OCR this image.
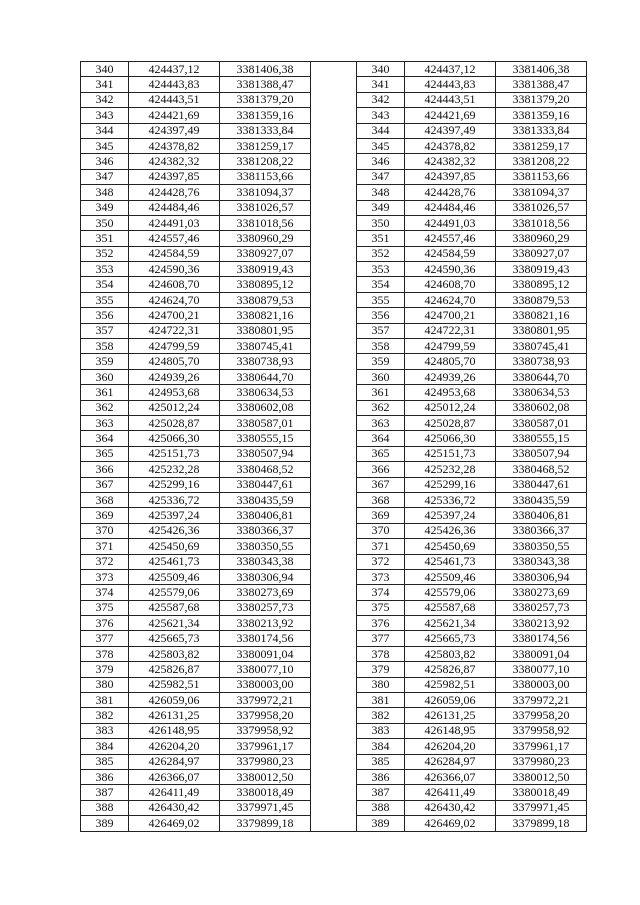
340	424437,12	3381406,38		340	424437,12	3381406,38
341	424443,83	3381388,47		341	424443,83	3381388,47
342	424443,51	3381379,20		342	424443,51	3381379,20
343	424421,69	3381359,16		343	424421,69	3381359,16
344	424397,49	3381333,84		344	424397,49	3381333,84
345	424378,82	3381259,17		345	424378,82	3381259,17
346	424382,32	3381208,22		346	424382,32	3381208,22
347	424397,85	3381153,66		347	424397,85	3381153,66
348	424428,76	3381094,37		348	424428,76	3381094,37
349	424484,46	3381026,57		349	424484,46	3381026,57
350	424491,03	3381018,56		350	424491,03	3381018,56
351	424557,46	3380960,29		351	424557,46	3380960,29
352	424584,59	3380927,07		352	424584,59	3380927,07
353	424590,36	3380919,43		353	424590,36	3380919,43
354	424608,70	3380895,12		354	424608,70	3380895,12
355	424624,70	3380879,53		355	424624,70	3380879,53
356	424700,21	3380821,16		356	424700,21	3380821,16
357	424722,31	3380801,95		357	424722,31	3380801,95
358	424799,59	3380745,41		358	424799,59	3380745,41
359	424805,70	3380738,93		359	424805,70	3380738,93
360	424939,26	3380644,70		360	424939,26	3380644,70
361	424953,68	3380634,53		361	424953,68	3380634,53
362	425012,24	3380602,08		362	425012,24	3380602,08
363	425028,87	3380587,01		363	425028,87	3380587,01
364	425066,30	3380555,15		364	425066,30	3380555,15
365	425151,73	3380507,94		365	425151,73	3380507,94
366	425232,28	3380468,52		366	425232,28	3380468,52
367	425299,16	3380447,61		367	425299,16	3380447,61
368	425336,72	3380435,59		368	425336,72	3380435,59
369	425397,24	3380406,81		369	425397,24	3380406,81
370	425426,36	3380366,37		370	425426,36	3380366,37
371	425450,69	3380350,55		371	425450,69	3380350,55
372	425461,73	3380343,38		372	425461,73	3380343,38
373	425509,46	3380306,94		373	425509,46	3380306,94
374	425579,06	3380273,69		374	425579,06	3380273,69
375	425587,68	3380257,73		375	425587,68	3380257,73
376	425621,34	3380213,92		376	425621,34	3380213,92
377	425665,73	3380174,56		377	425665,73	3380174,56
378	425803,82	3380091,04		378	425803,82	3380091,04
379	425826,87	3380077,10		379	425826,87	3380077,10
380	425982,51	3380003,00		380	425982,51	3380003,00
381	426059,06	3379972,21		381	426059,06	3379972,21
382	426131,25	3379958,20		382	426131,25	3379958,20
383	426148,95	3379958,92		383	426148,95	3379958,92
384	426204,20	3379961,17		384	426204,20	3379961,17
385	426284,97	3379980,23		385	426284,97	3379980,23
386	426366,07	3380012,50		386	426366,07	3380012,50
387	426411,49	3380018,49		387	426411,49	3380018,49
388	426430,42	3379971,45		388	426430,42	3379971,45
389	426469,02	3379899,18		389	426469,02	3379899,18
